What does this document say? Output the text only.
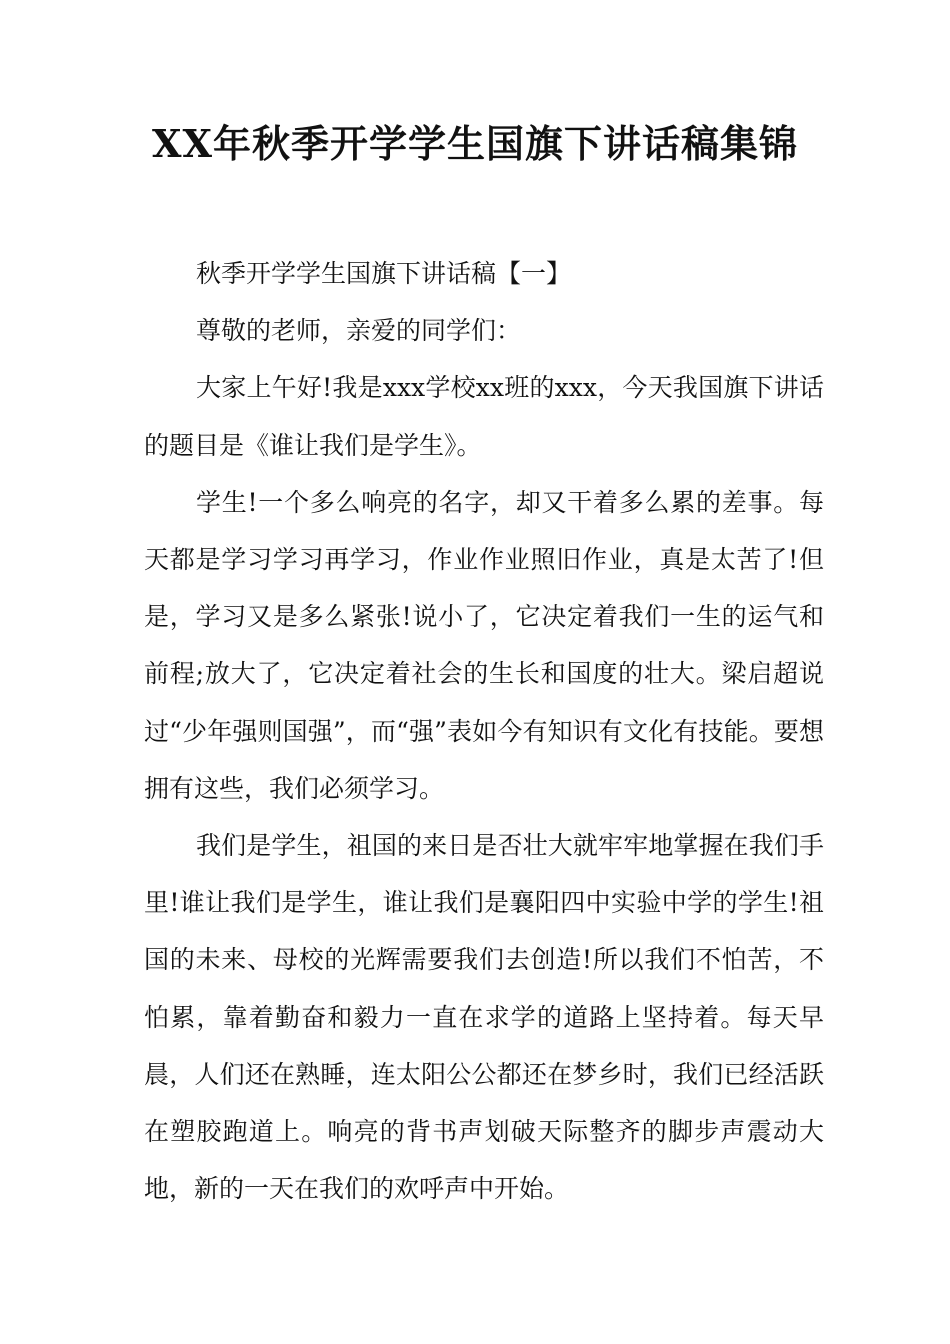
XX年秋季开学学生国旗下讲话稿集锦

秋季开学学生国旗下讲话稿【一】

尊敬的老师，亲爱的同学们：

大家上午好!我是xxx学校xx班的xxx，今天我国旗下讲话的题目是《谁让我们是学生》。

学生!一个多么响亮的名字，却又干着多么累的差事。每天都是学习学习再学习，作业作业照旧作业，真是太苦了!但是，学习又是多么紧张!说小了，它决定着我们一生的运气和前程;放大了，它决定着社会的生长和国度的壮大。梁启超说过“少年强则国强”，而“强”表如今有知识有文化有技能。要想拥有这些，我们必须学习。

我们是学生，祖国的来日是否壮大就牢牢地掌握在我们手里!谁让我们是学生，谁让我们是襄阳四中实验中学的学生!祖国的未来、母校的光辉需要我们去创造!所以我们不怕苦，不怕累，靠着勤奋和毅力一直在求学的道路上坚持着。每天早晨，人们还在熟睡，连太阳公公都还在梦乡时，我们已经活跃在塑胶跑道上。响亮的背书声划破天际整齐的脚步声震动大地，新的一天在我们的欢呼声中开始。
